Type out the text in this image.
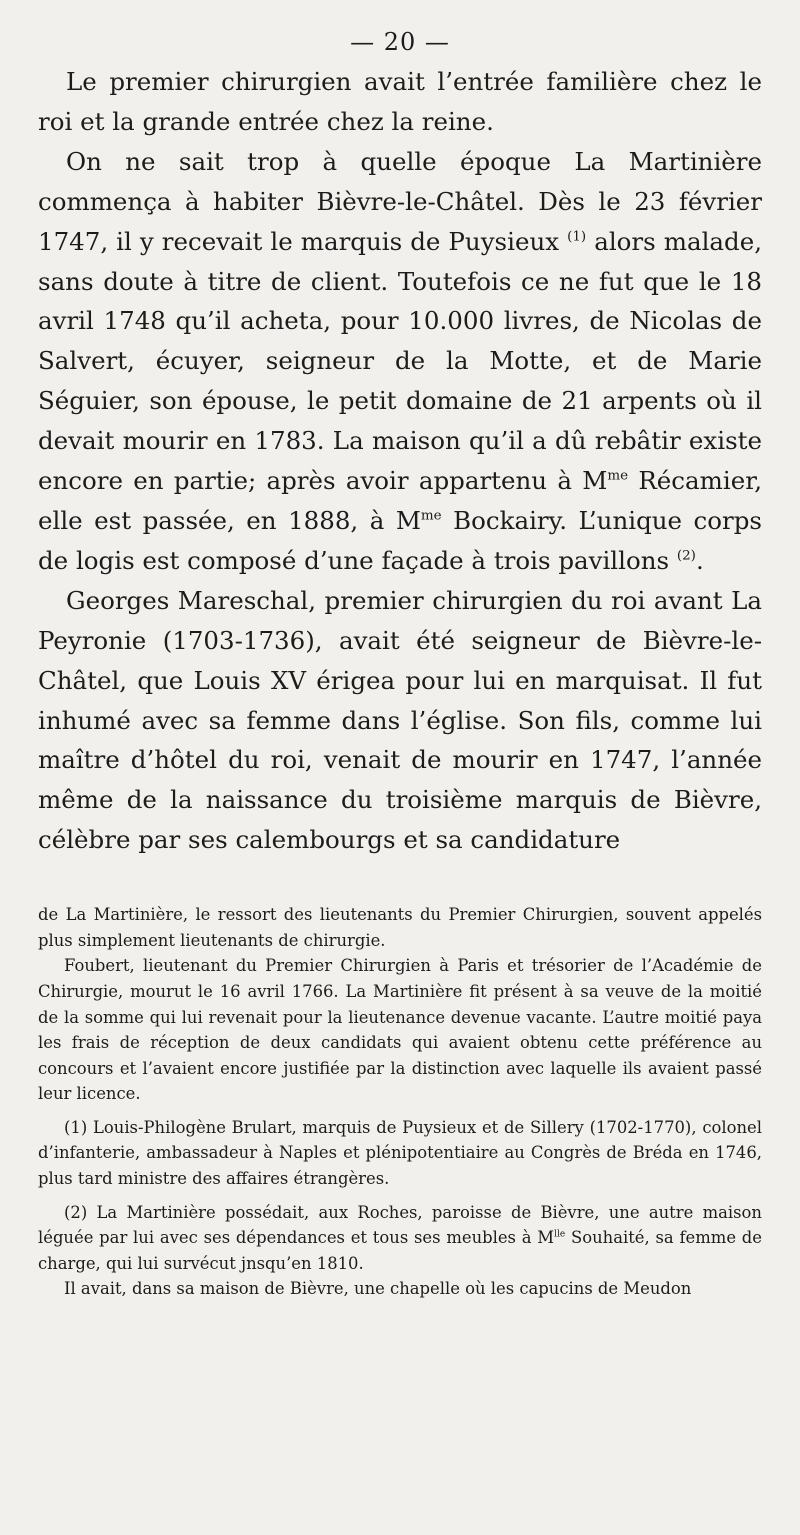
— 20 —

Le premier chirurgien avait l’entrée familière chez le roi et la grande entrée chez la reine.

On ne sait trop à quelle époque La Martinière commença à habiter Bièvre-le-Châtel. Dès le 23 février 1747, il y recevait le marquis de Puysieux $^{(1)}$ alors malade, sans doute à titre de client. Toutefois ce ne fut que le 18 avril 1748 qu’il acheta, pour 10.000 livres, de Nicolas de Salvert, écuyer, seigneur de la Motte, et de Marie Séguier, son épouse, le petit domaine de 21 arpents où il devait mourir en 1783. La maison qu’il a dû rebâtir existe encore en partie; après avoir appartenu à $M^{me}$ Récamier, elle est passée, en 1888, à $M^{me}$ Bockairy. L’unique corps de logis est composé d’une façade à trois pavillons $^{(2)}$.

Georges Mareschal, premier chirurgien du roi avant La Peyronie (1703-1736), avait été seigneur de Bièvre-le-Châtel, que Louis XV érigea pour lui en marquisat. Il fut inhumé avec sa femme dans l’église. Son fils, comme lui maître d’hôtel du roi, venait de mourir en 1747, l’année même de la naissance du troisième marquis de Bièvre, célèbre par ses calembourgs et sa candidature

de La Martinière, le ressort des lieutenants du Premier Chirurgien, souvent appelés plus simplement lieutenants de chirurgie.

Foubert, lieutenant du Premier Chirurgien à Paris et trésorier de l’Académie de Chirurgie, mourut le 16 avril 1766. La Martinière fit présent à sa veuve de la moitié de la somme qui lui revenait pour la lieutenance devenue vacante. L’autre moitié paya les frais de réception de deux candidats qui avaient obtenu cette préférence au concours et l’avaient encore justifiée par la distinction avec laquelle ils avaient passé leur licence.

(1) Louis-Philogène Brulart, marquis de Puysieux et de Sillery (1702-1770), colonel d’infanterie, ambassadeur à Naples et plénipotentiaire au Congrès de Bréda en 1746, plus tard ministre des affaires étrangères.

(2) La Martinière possédait, aux Roches, paroisse de Bièvre, une autre maison léguée par lui avec ses dépendances et tous ses meubles à $M^{lle}$ Souhaité, sa femme de charge, qui lui survécut jnsqu’en 1810.

Il avait, dans sa maison de Bièvre, une chapelle où les capucins de Meudon
